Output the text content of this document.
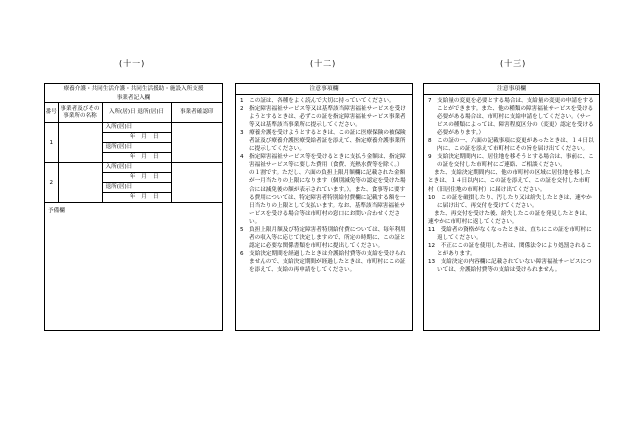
(十一)	(十二)	(十三)
療養介護・共同生活介護・共同生活援助・施設入所支援
事業者記入欄
番号	事業者及びその事業所の名称	入所(居)日 退所(居)日	事業者確認印
1		入所(居)日	

		年月日	

		退所(居)日	

		年月日	

2		入所(居)日	

		年月日	

		退所(居)日	

		年月日	
予備欄
注意事項欄

1　この証は、各種をよく読んで大切に持っていてください。

2　指定障害福祉サービス等又は基準該当障害福祉サービスを受けようとするときは、必ずこの証を指定障害福祉サービス事業者等又は基準該当事業所に提示してください。

3　療養介護を受けようとするときは、この証に医療保険の被保険者証及び療養介護医療受給者証を添えて、指定療養介護事業所に提示してください。

4　指定障害福祉サービス等を受けるときに支払う金額は、指定障害福祉サービス等に要した費用（食費、光熱水費等を除く。）の１割です。ただし、六面の負担上限月額欄に記載された金額が一月当たりの上限になります（個別減免等の認定を受けた場合には減免後の額が表示されています。）。また、食事等に要する費用については、特定障害者特別給付費欄に記載する額を一日当たりの上限として支払います。なお、基準該当障害福祉サービスを受ける場合等は市町村の窓口にお問い合わせください。

5　負担上限月額及び特定障害者特別給付費については、毎年利用者の収入等に応じて決定しますので、所定の時期に、この証と認定に必要な関係書類を市町村に提出してください。

6　支給決定期間を経過したときは介護給付費等の支給を受けられませんので、支給決定期間が経過したときは、市町村にこの証を添えて、支給の再申請をしてください。

注意事項欄

7　支給量の変更を必要とする場合は、支給量の変更の申請をすることができます。また、他の種類の障害福祉サービスを受ける必要がある場合は、市町村に支給申請をしてください。（サービスの種類によっては、障害程度区分の（変更）認定を受ける必要があります。）

8　この証の一、六面の記載事項に変更があったときは、１４日以内に、この証を添えて市町村にその旨を届け出てください。

9　支給決定期間内に、居住地を移そうとする場合は、事前に、この証を交付した市町村にご連絡、ご相談ください。

また、支給決定期間内に、他の市町村の区域に居住地を移したときは、１４日以内に、この証を添えて、この証を交付した市町村（旧居住地の市町村）に届け出てください。

10　この証を破損したり、汚したり又は紛失したときは、速やかに届け出て、再交付を受けてください。

また、再交付を受けた後、紛失したこの証を発見したときは、速やかに市町村に返してください。

11　受給者の資格がなくなったときは、直ちにこの証を市町村に返してください。

12　不正にこの証を使用した者は、関係法令により処罰されることがあります。

13　支給決定の内容欄に記載されていない障害福祉サービスについては、介護給付費等の支給は受けられません。
